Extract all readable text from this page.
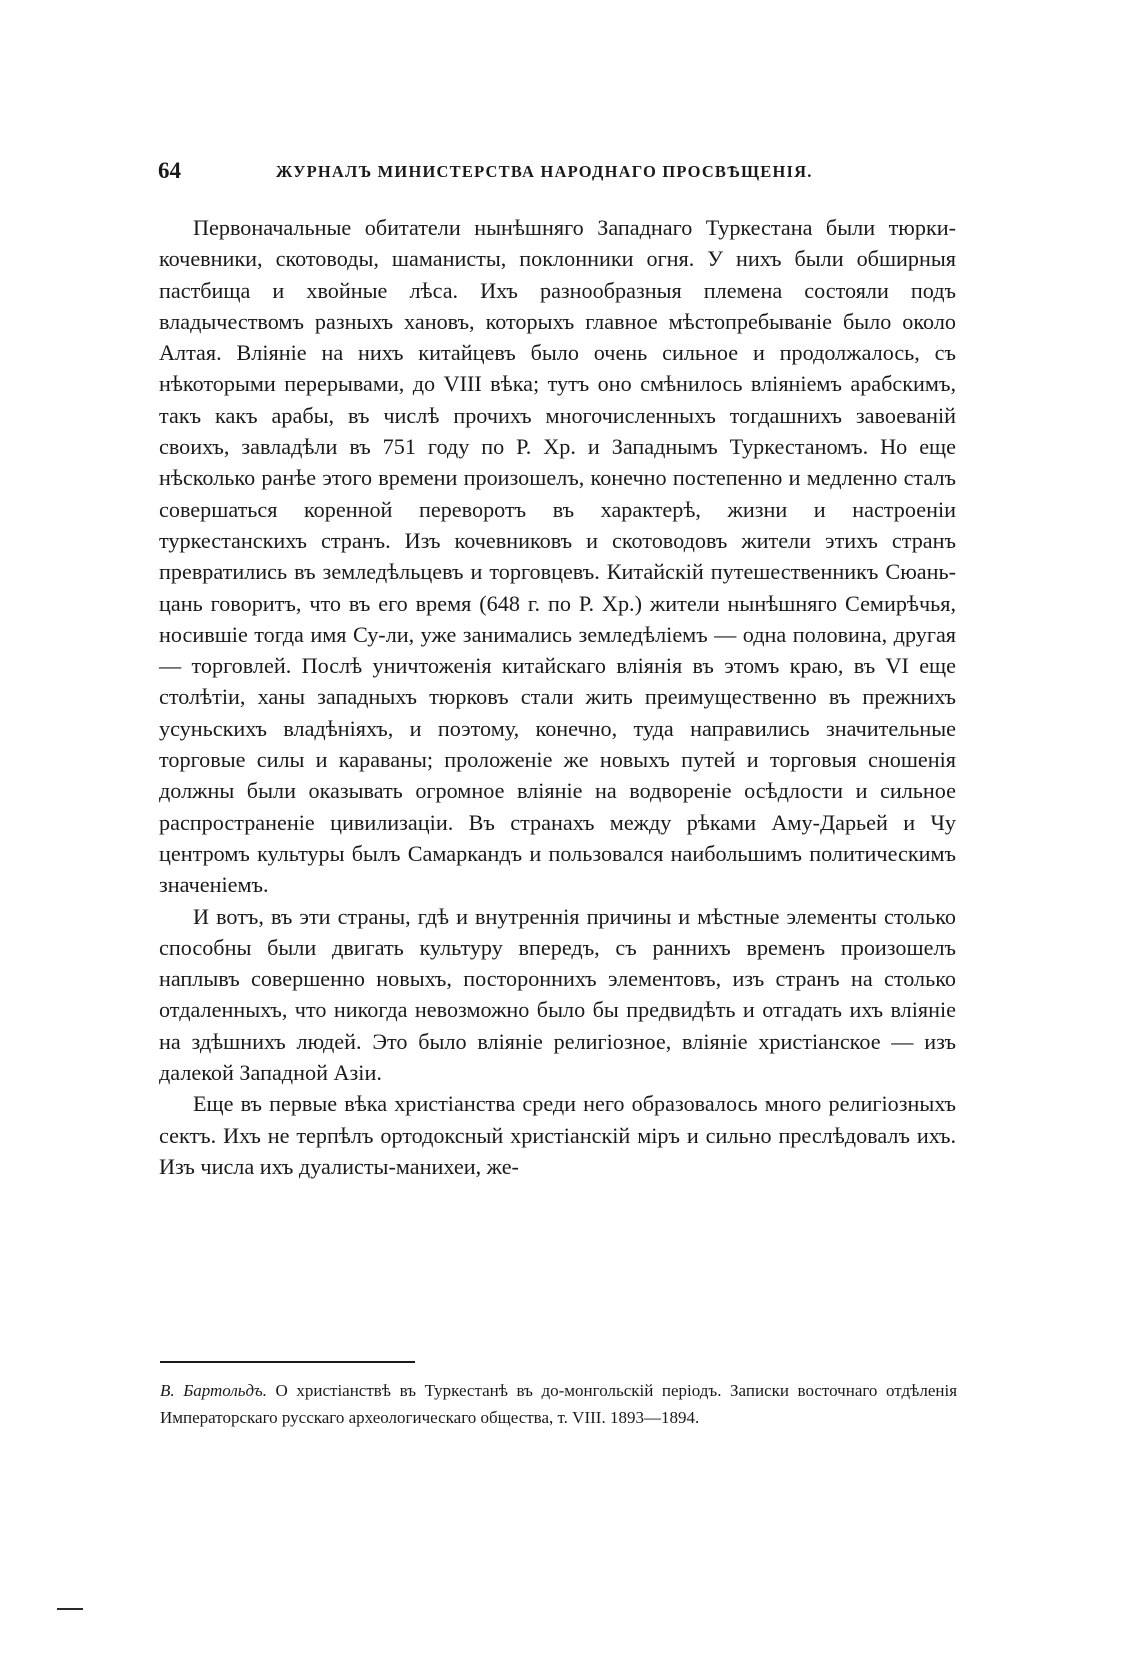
64	ЖУРНАЛЪ МИНИСТЕРСТВА НАРОДНАГО ПРОСВѢЩЕНІЯ.

Первоначальные обитатели нынѣшняго Западнаго Туркестана были тюрки-кочевники, скотоводы, шаманисты, поклонники огня. У нихъ были обширныя пастбища и хвойные лѣса. Ихъ разнообразныя племена состояли подъ владычествомъ разныхъ хановъ, которыхъ главное мѣстопребываніе было около Алтая. Вліяніе на нихъ китайцевъ было очень сильное и продолжалось, съ нѣкоторыми перерывами, до VIII вѣка; тутъ оно смѣнилось вліяніемъ арабскимъ, такъ какъ арабы, въ числѣ прочихъ многочисленныхъ тогдашнихъ завоеваній своихъ, завладѣли въ 751 году по Р. Хр. и Западнымъ Туркестаномъ. Но еще нѣсколько ранѣе этого времени произошелъ, конечно постепенно и медленно сталъ совершаться коренной переворотъ въ характерѣ, жизни и настроеніи туркестанскихъ странъ. Изъ кочевниковъ и скотоводовъ жители этихъ странъ превратились въ земледѣльцевъ и торговцевъ. Китайскій путешественникъ Сюань-цань говоритъ, что въ его время (648 г. по Р. Хр.) жители нынѣшняго Семирѣчья, носившіе тогда имя Су-ли, уже занимались земледѣліемъ — одна половина, другая — торговлей. Послѣ уничтоженія китайскаго вліянія въ этомъ краю, въ VI еще столѣтіи, ханы западныхъ тюрковъ стали жить преимущественно въ прежнихъ усуньскихъ владѣніяхъ, и поэтому, конечно, туда направились значительные торговые силы и караваны; проложеніе же новыхъ путей и торговыя сношенія должны были оказывать огромное вліяніе на водвореніе осѣдлости и сильное распространеніе цивилизаціи. Въ странахъ между рѣками Аму-Дарьей и Чу центромъ культуры былъ Самаркандъ и пользовался наибольшимъ политическимъ значеніемъ.

И вотъ, въ эти страны, гдѣ и внутреннія причины и мѣстные элементы столько способны были двигать культуру впередъ, съ раннихъ временъ произошелъ наплывъ совершенно новыхъ, постороннихъ элементовъ, изъ странъ на столько отдаленныхъ, что никогда невозможно было бы предвидѣть и отгадать ихъ вліяніе на здѣшнихъ людей. Это было вліяніе религіозное, вліяніе христіанское — изъ далекой Западной Азіи.

Еще въ первые вѣка христіанства среди него образовалось много религіозныхъ сектъ. Ихъ не терпѣлъ ортодоксный христіанскій міръ и сильно преслѣдовалъ ихъ. Изъ числа ихъ дуалисты-манихеи, же-

В. Бартольдъ. О христіанствѣ въ Туркестанѣ въ до-монгольскій періодъ. Записки восточнаго отдѣленія Императорскаго русскаго археологическаго общества, т. VIII. 1893—1894.
